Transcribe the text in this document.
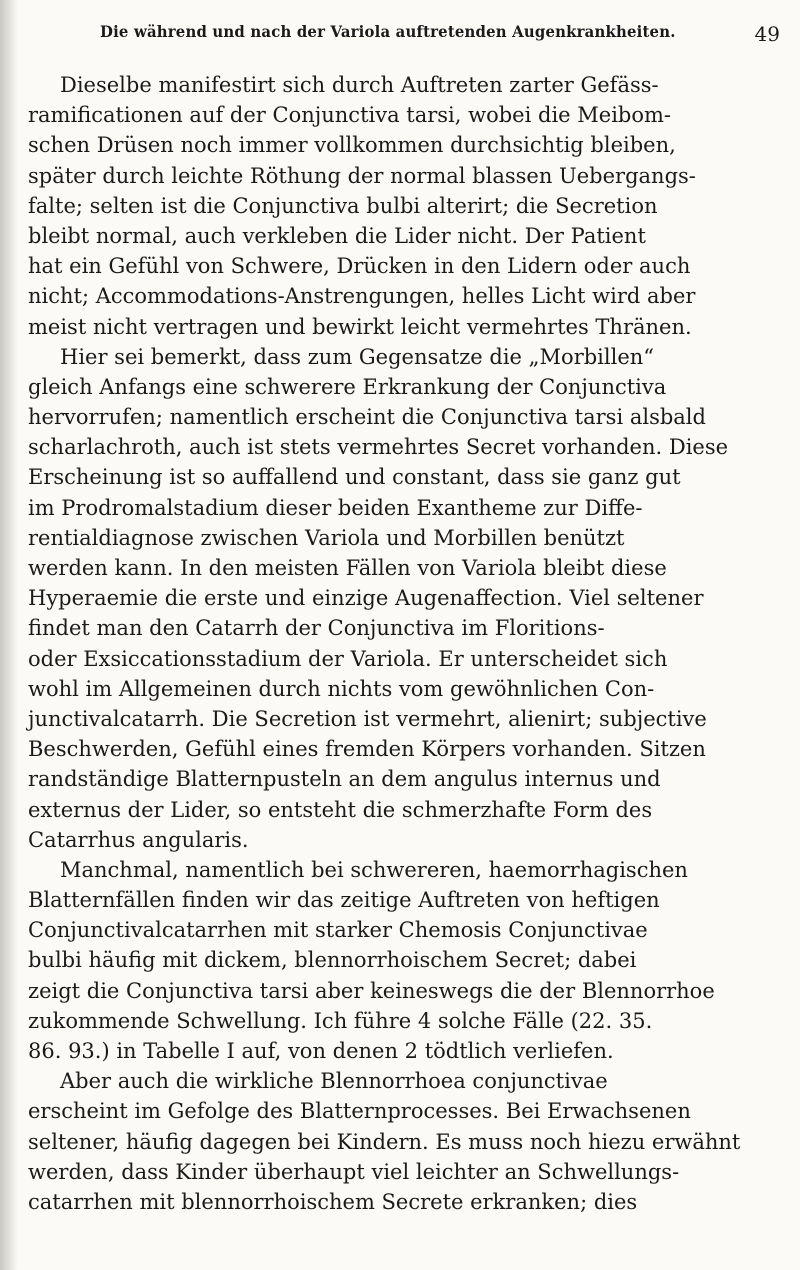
Die während und nach der Variola auftretenden Augenkrankheiten.	49
Dieselbe manifestirt sich durch Auftreten zarter Gefäss-
ramificationen auf der Conjunctiva tarsi, wobei die Meibom-
schen Drüsen noch immer vollkommen durchsichtig bleiben,
später durch leichte Röthung der normal blassen Uebergangs-
falte; selten ist die Conjunctiva bulbi alterirt; die Secretion
bleibt normal, auch verkleben die Lider nicht. Der Patient
hat ein Gefühl von Schwere, Drücken in den Lidern oder auch
nicht; Accommodations-Anstrengungen, helles Licht wird aber
meist nicht vertragen und bewirkt leicht vermehrtes Thränen.
Hier sei bemerkt, dass zum Gegensatze die „Morbillen“
gleich Anfangs eine schwerere Erkrankung der Conjunctiva
hervorrufen; namentlich erscheint die Conjunctiva tarsi alsbald
scharlachroth, auch ist stets vermehrtes Secret vorhanden. Diese
Erscheinung ist so auffallend und constant, dass sie ganz gut
im Prodromalstadium dieser beiden Exantheme zur Diffe-
rentialdiagnose zwischen Variola und Morbillen benützt
werden kann. In den meisten Fällen von Variola bleibt diese
Hyperaemie die erste und einzige Augenaffection. Viel seltener
findet man den Catarrh der Conjunctiva im Floritions-
oder Exsiccationsstadium der Variola. Er unterscheidet sich
wohl im Allgemeinen durch nichts vom gewöhnlichen Con-
junctivalcatarrh. Die Secretion ist vermehrt, alienirt; subjective
Beschwerden, Gefühl eines fremden Körpers vorhanden. Sitzen
randständige Blatternpusteln an dem angulus internus und
externus der Lider, so entsteht die schmerzhafte Form des
Catarrhus angularis.
Manchmal, namentlich bei schwereren, haemorrhagischen
Blatternfällen finden wir das zeitige Auftreten von heftigen
Conjunctivalcatarrhen mit starker Chemosis Conjunctivae
bulbi häufig mit dickem, blennorrhoischem Secret; dabei
zeigt die Conjunctiva tarsi aber keineswegs die der Blennorrhoe
zukommende Schwellung. Ich führe 4 solche Fälle (22. 35.
86. 93.) in Tabelle I auf, von denen 2 tödtlich verliefen.
Aber auch die wirkliche Blennorrhoea conjunctivae
erscheint im Gefolge des Blatternprocesses. Bei Erwachsenen
seltener, häufig dagegen bei Kindern. Es muss noch hiezu erwähnt
werden, dass Kinder überhaupt viel leichter an Schwellungs-
catarrhen mit blennorrhoischem Secrete erkranken; dies
